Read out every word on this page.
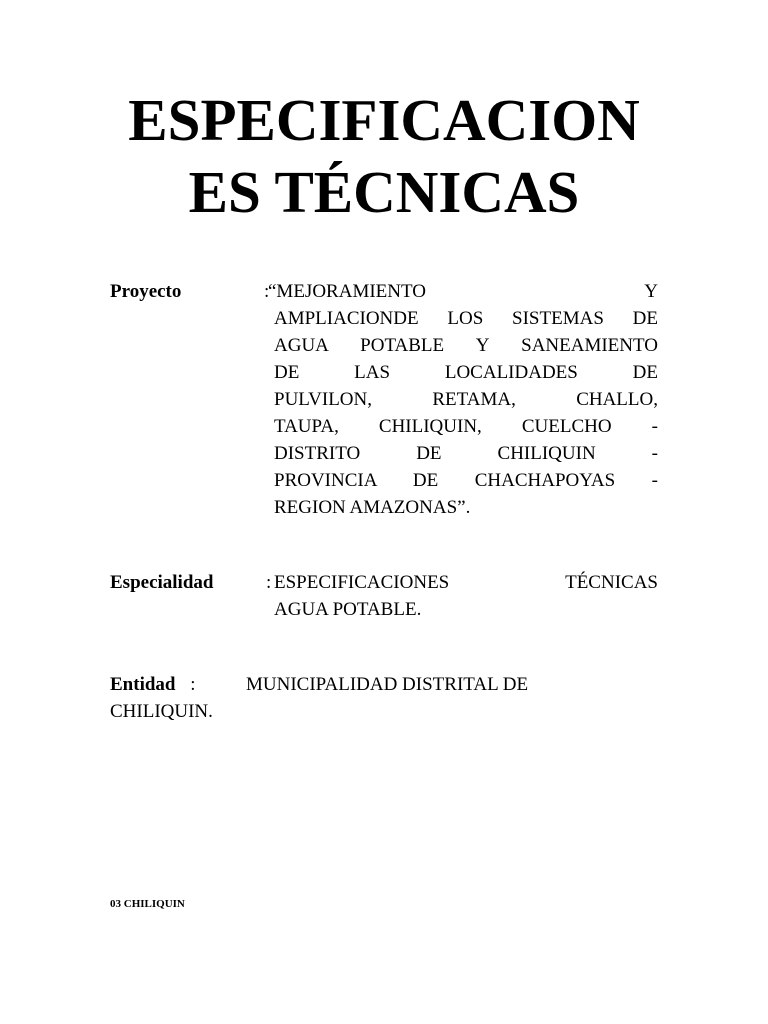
ESPECIFICACION
ES TÉCNICAS
Proyecto	:
“MEJORAMIENTO Y
AMPLIACIONDE LOS SISTEMAS DE
AGUA POTABLE Y SANEAMIENTO
DE LAS LOCALIDADES DE
PULVILON, RETAMA, CHALLO,
TAUPA, CHILIQUIN, CUELCHO -
DISTRITO DE CHILIQUIN -
PROVINCIA DE CHACHAPOYAS -
REGION AMAZONAS”.
Especialidad	: ESPECIFICACIONES TÉCNICAS
AGUA POTABLE.
Entidad :	MUNICIPALIDAD DISTRITAL DE
CHILIQUIN.
03 CHILIQUIN
